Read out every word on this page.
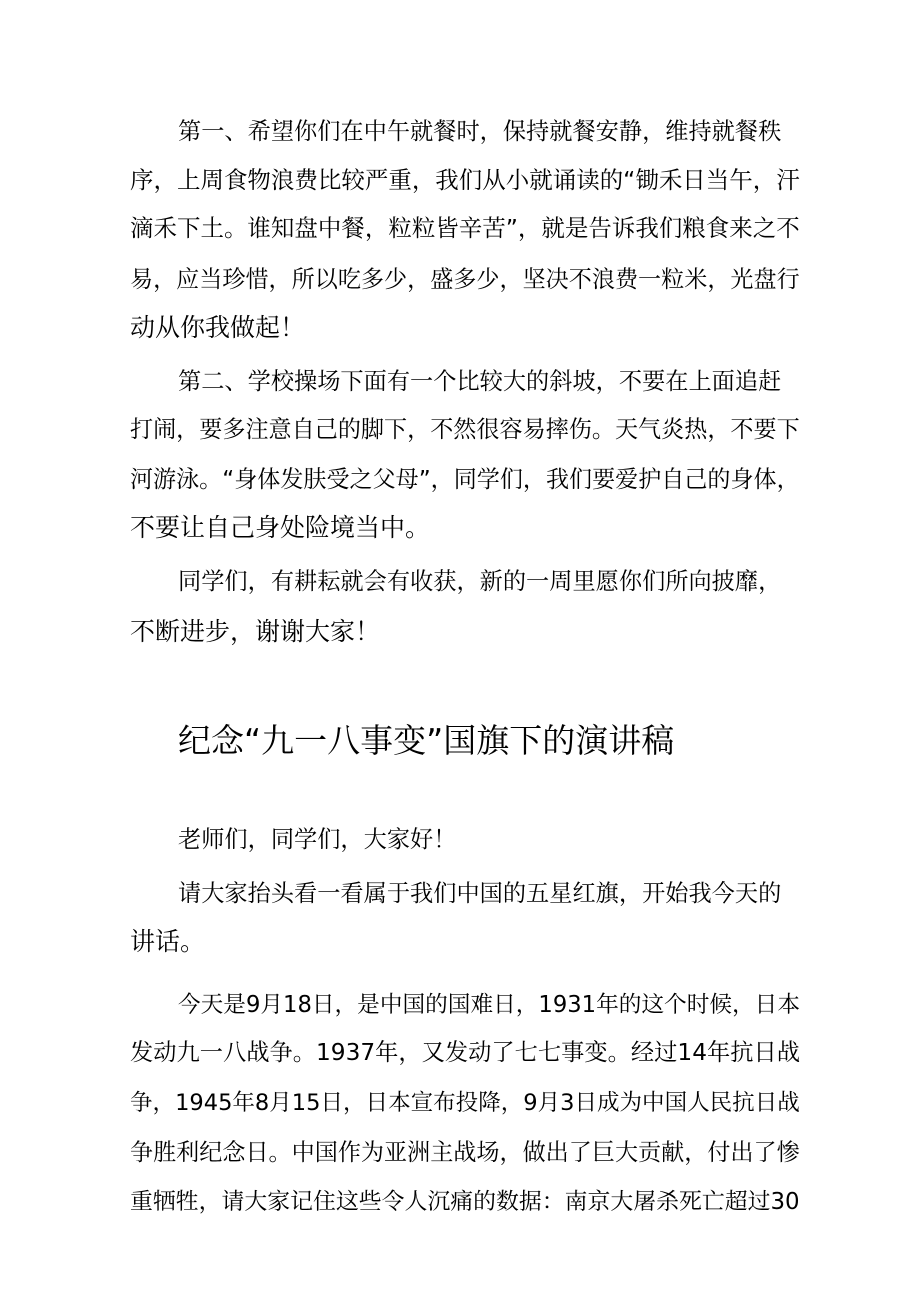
第一、希望你们在中午就餐时，保持就餐安静，维持就餐秩
序，上周食物浪费比较严重，我们从小就诵读的“锄禾日当午，汗
滴禾下土。谁知盘中餐，粒粒皆辛苦”，就是告诉我们粮食来之不
易，应当珍惜，所以吃多少，盛多少，坚决不浪费一粒米，光盘行
动从你我做起！
第二、学校操场下面有一个比较大的斜坡，不要在上面追赶
打闹，要多注意自己的脚下，不然很容易摔伤。天气炎热，不要下
河游泳。“身体发肤受之父母”，同学们，我们要爱护自己的身体，
不要让自己身处险境当中。
同学们，有耕耘就会有收获，新的一周里愿你们所向披靡，
不断进步，谢谢大家！
纪念“九一八事变”国旗下的演讲稿
老师们，同学们，大家好！
请大家抬头看一看属于我们中国的五星红旗，开始我今天的
讲话。
今天是9月18日，是中国的国难日，1931年的这个时候，日本
发动九一八战争。1937年，又发动了七七事变。经过14年抗日战
争，1945年8月15日，日本宣布投降，9月3日成为中国人民抗日战
争胜利纪念日。中国作为亚洲主战场，做出了巨大贡献，付出了惨
重牺牲，请大家记住这些令人沉痛的数据：南京大屠杀死亡超过30
